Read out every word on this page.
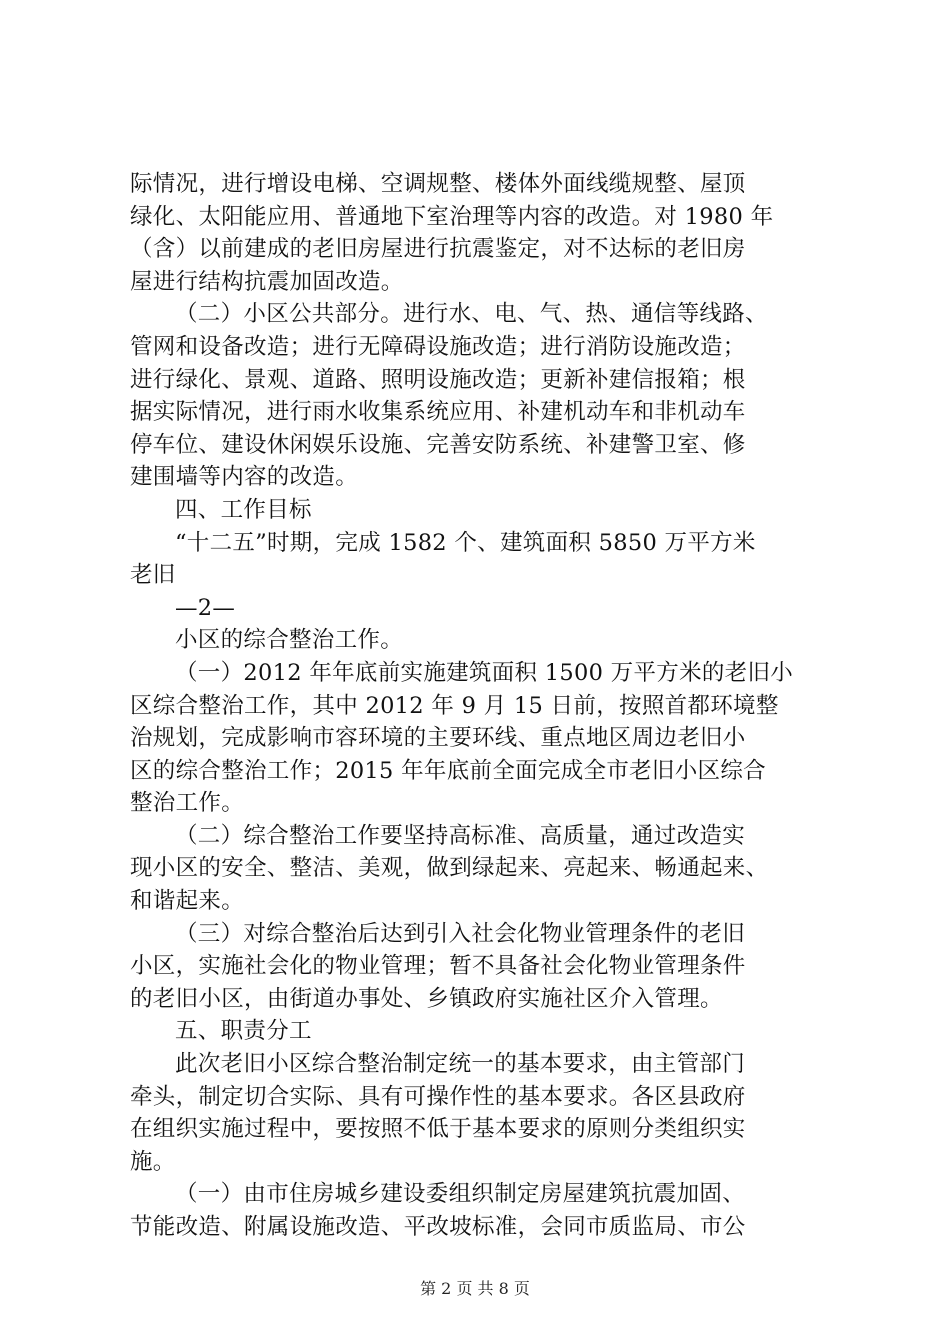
际情况，进行增设电梯、空调规整、楼体外面线缆规整、屋顶
绿化、太阳能应用、普通地下室治理等内容的改造。对 1980 年
（含）以前建成的老旧房屋进行抗震鉴定，对不达标的老旧房
屋进行结构抗震加固改造。
（二）小区公共部分。进行水、电、气、热、通信等线路、
管网和设备改造；进行无障碍设施改造；进行消防设施改造；
进行绿化、景观、道路、照明设施改造；更新补建信报箱；根
据实际情况，进行雨水收集系统应用、补建机动车和非机动车
停车位、建设休闲娱乐设施、完善安防系统、补建警卫室、修
建围墙等内容的改造。
四、工作目标
“十二五”时期，完成 1582 个、建筑面积 5850 万平方米
老旧
—2—
小区的综合整治工作。
（一）2012 年年底前实施建筑面积 1500 万平方米的老旧小
区综合整治工作，其中 2012 年 9 月 15 日前，按照首都环境整
治规划，完成影响市容环境的主要环线、重点地区周边老旧小
区的综合整治工作；2015 年年底前全面完成全市老旧小区综合
整治工作。
（二）综合整治工作要坚持高标准、高质量，通过改造实
现小区的安全、整洁、美观，做到绿起来、亮起来、畅通起来、
和谐起来。
（三）对综合整治后达到引入社会化物业管理条件的老旧
小区，实施社会化的物业管理；暂不具备社会化物业管理条件
的老旧小区，由街道办事处、乡镇政府实施社区介入管理。
五、职责分工
此次老旧小区综合整治制定统一的基本要求，由主管部门
牵头，制定切合实际、具有可操作性的基本要求。各区县政府
在组织实施过程中，要按照不低于基本要求的原则分类组织实
施。
（一）由市住房城乡建设委组织制定房屋建筑抗震加固、
节能改造、附属设施改造、平改坡标准，会同市质监局、市公
第 2 页 共 8 页
